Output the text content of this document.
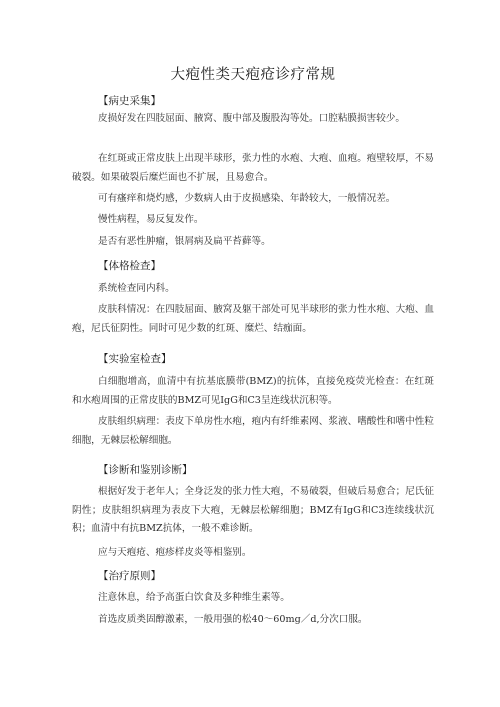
大疱性类天疱疮诊疗常规
【病史采集】
皮损好发在四肢屈面、腋窝、腹中部及腹股沟等处。口腔粘膜损害较少。
在红斑或正常皮肤上出现半球形，张力性的水疱、大疱、血疱。疱壁较厚，不易破裂。如果破裂后糜烂面也不扩展，且易愈合。
可有瘙痒和烧灼感，少数病人由于皮损感染、年龄较大，一般情况差。
慢性病程，易反复发作。
是否有恶性肿瘤，银屑病及扁平苔藓等。
【体格检查】
系统检查同内科。
皮肤科情况：在四肢屈面、腋窝及躯干部处可见半球形的张力性水疱、大疱、血疱，尼氏征阴性。同时可见少数的红斑、糜烂、结痂面。
【实验室检查】
白细胞增高，血清中有抗基底膜带(BMZ)的抗体，直接免疫荧光检查：在红斑和水疱周围的正常皮肤的BMZ可见IgG和C3呈连线状沉积等。
皮肤组织病理：表皮下单房性水疱，疱内有纤维素网、浆液、嗜酸性和嗜中性粒细胞，无棘层松解细胞。
【诊断和鉴别诊断】
根据好发于老年人；全身泛发的张力性大疱，不易破裂，但破后易愈合；尼氏征阴性；皮肤组织病理为表皮下大疱，无棘层松解细胞；BMZ有IgG和C3连续线状沉积；血清中有抗BMZ抗体，一般不难诊断。
应与天疱疮、疱疹样皮炎等相鉴别。
【治疗原则】
注意休息，给予高蛋白饮食及多种维生素等。
首选皮质类固醇激素，一般用强的松40～60mg／d,分次口服。
